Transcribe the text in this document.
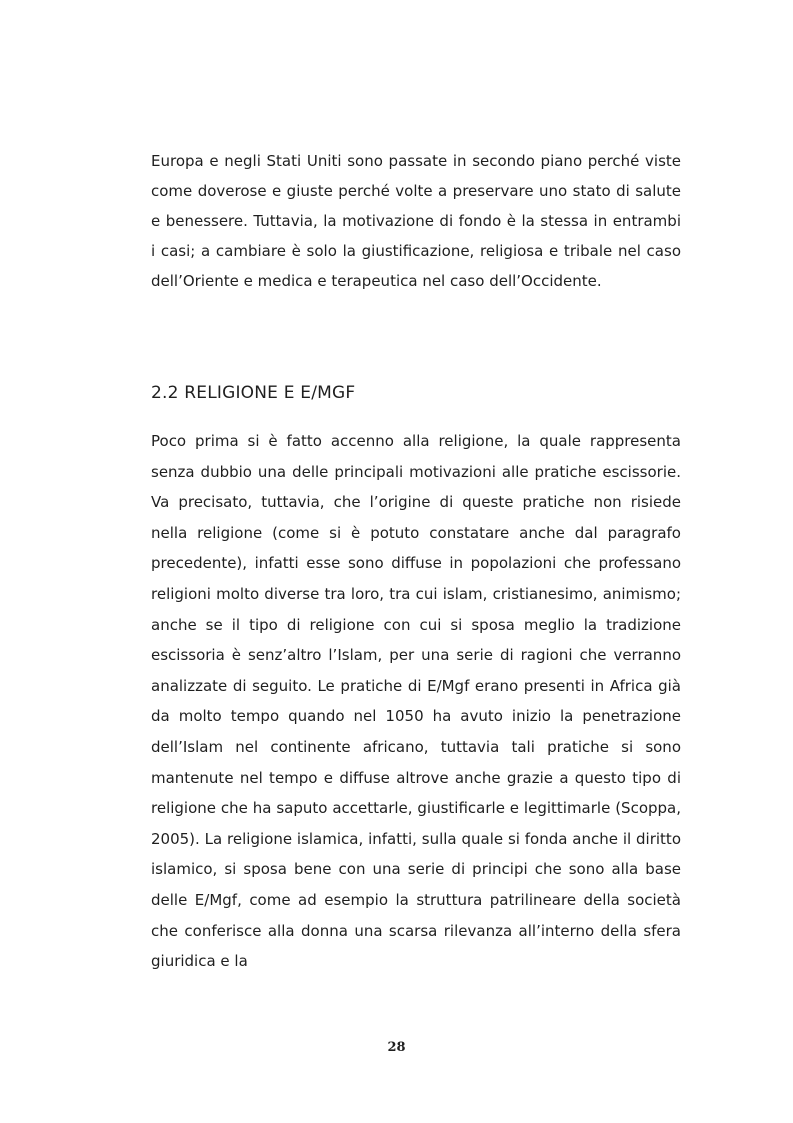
Europa e negli Stati Uniti sono passate in secondo piano perché viste come doverose e giuste perché volte a preservare uno stato di salute e benessere. Tuttavia, la motivazione di fondo è la stessa in entrambi i casi; a cambiare è solo la giustificazione, religiosa e tribale nel caso dell’Oriente e medica e terapeutica nel caso dell’Occidente.

2.2 RELIGIONE E E/MGF

Poco prima si è fatto accenno alla religione, la quale rappresenta senza dubbio una delle principali motivazioni alle pratiche escissorie. Va precisato, tuttavia, che l’origine di queste pratiche non risiede nella religione (come si è potuto constatare anche dal paragrafo precedente), infatti esse sono diffuse in popolazioni che professano religioni molto diverse tra loro, tra cui islam, cristianesimo, animismo; anche se il tipo di religione con cui si sposa meglio la tradizione escissoria è senz’altro l’Islam, per una serie di ragioni che verranno analizzate di seguito. Le pratiche di E/Mgf erano presenti in Africa già da molto tempo quando nel 1050 ha avuto inizio la penetrazione dell’Islam nel continente africano, tuttavia tali pratiche si sono mantenute nel tempo e diffuse altrove anche grazie a questo tipo di religione che ha saputo accettarle, giustificarle e legittimarle (Scoppa, 2005). La religione islamica, infatti, sulla quale si fonda anche il diritto islamico, si sposa bene con una serie di principi che sono alla base delle E/Mgf, come ad esempio la struttura patrilineare della società che conferisce alla donna una scarsa rilevanza all’interno della sfera giuridica e la

28
